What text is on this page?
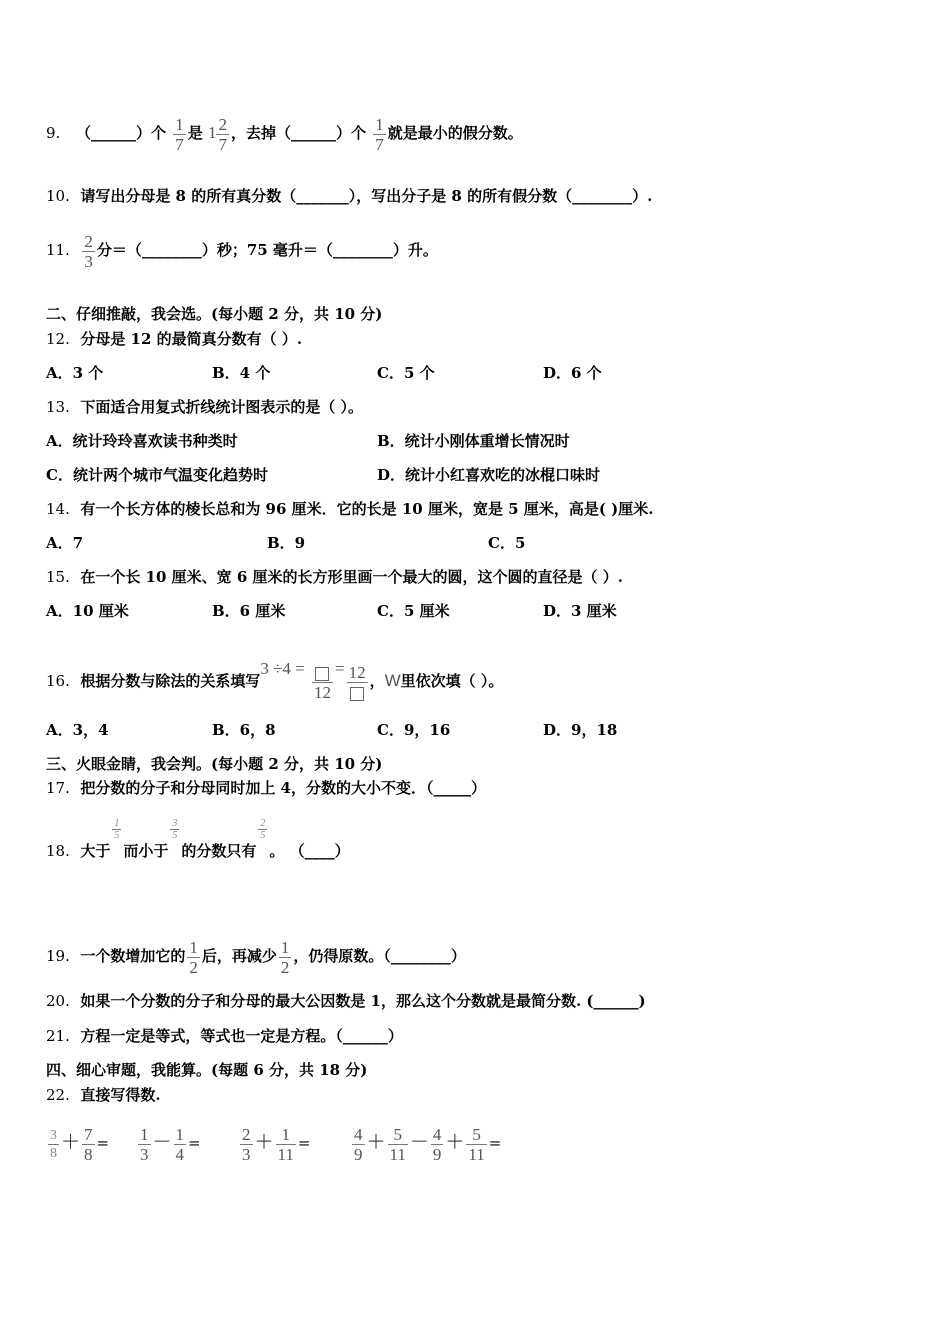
9. （______）个 $\frac{1}{7}$ 是 $1 \frac{2}{7}$ ，去掉（______）个 $\frac{1}{7}$ 就是最小的假分数。
10. 请写出分母是 8 的所有真分数（_______），写出分子是 8 的所有假分数（________）.
11. $\frac{2}{3}$ 分＝（________）秒；75 毫升＝（________）升。
二、仔细推敲，我会选。(每小题 2 分，共 10 分)
12. 分母是 12 的最简真分数有（ ）.
A．3 个	B．4 个	C．5 个	D．6 个
13. 下面适合用复式折线统计图表示的是（ ）。
A．统计玲玲喜欢读书种类时	B．统计小刚体重增长情况时
C．统计两个城市气温变化趋势时	D．统计小红喜欢吃的冰棍口味时
14. 有一个长方体的棱长总和为 96 厘米．它的长是 10 厘米，宽是 5 厘米，高是( )厘米.
A．7	B．9	C．5
15. 在一个长 10 厘米、宽 6 厘米的长方形里画一个最大的圆，这个圆的直径是（ ）.
A．10 厘米	B．6 厘米	C．5 厘米	D．3 厘米
16. 根据分数与除法的关系填写3 ÷4 =
12
= 12 ，W里依次填（ ）。
A．3，4	B．6，8	C．9，16	D．9，18
三、火眼金睛，我会判。(每小题 2 分，共 10 分)
17. 把分数的分子和分母同时加上 4，分数的大小不变．（_____）
18. 大于
$\frac{1}{5}$
而小于
$\frac{3}{5}$
的分数只有
$\frac{2}{5}$
。 （____）
19. 一个数增加它的 $\frac{1}{2}$ 后，再减少 $\frac{1}{2}$ ，仍得原数。（________）
20. 如果一个分数的分子和分母的最大公因数是 1，那么这个分数就是最简分数. (______)
21. 方程一定是等式，等式也一定是方程。（______）
四、细心审题，我能算。(每题 6 分，共 18 分)
22. 直接写得数.
$\frac{3}{8} + \frac{7}{8} = \frac{1}{3} - \frac{1}{4} = \frac{2}{3} + \frac{1}{11} = \frac{4}{9} + \frac{5}{11} - \frac{4}{9} + \frac{5}{11}$ =
